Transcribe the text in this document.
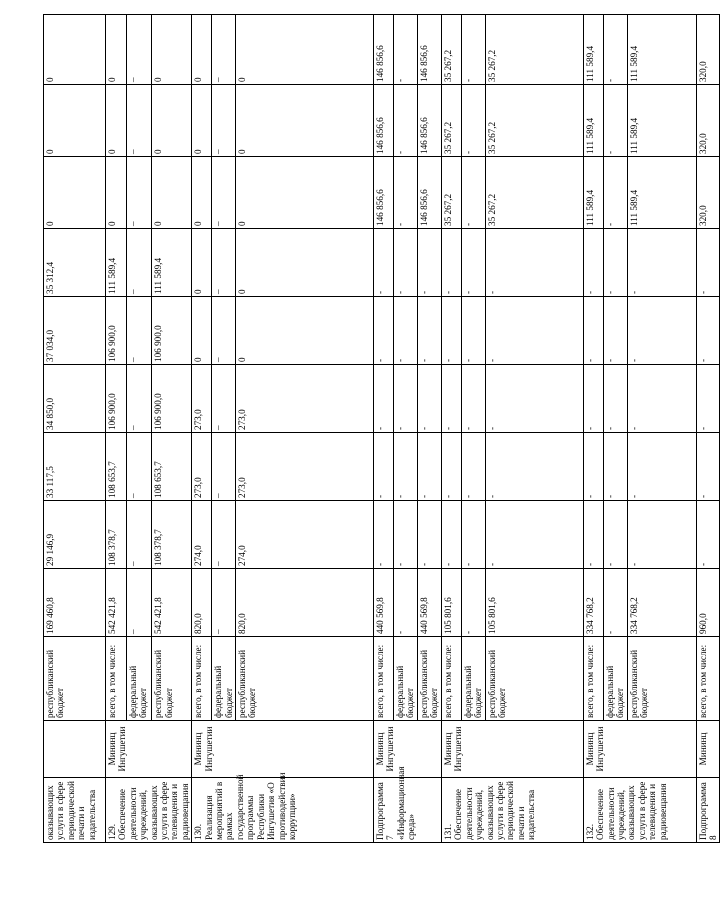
оказывающих услуги в сфере периодической печати и издательства		республиканский бюджет	169 460,8	29 146,9	33 117,5	34 850,0	37 034,0	35 312,4	0	0	0
129. Обеспечение деятельности учреждений, оказывающих услуги в сфере телевидения и радиовещания	Мининц Ингушетии	всего, в том числе:	542 421,8	108 378,7	108 653,7	106 900,0	106 900,0	111 589,4	0	0	0
		федеральный бюджет	–	–	–	–	–	–	–	–	–
		республиканский бюджет	542 421,8	108 378,7	108 653,7	106 900,0	106 900,0	111 589,4	0	0	0
130. Реализация мероприятий в рамках государственной программы Республики Ингушетия «О противодействии коррупции»	Мининц Ингушетии	всего, в том числе:	820,0	274,0	273,0	273,0	0	0	0	0	0
		федеральный бюджет	–	–	–	–	–	–	–	–	–
		республиканский бюджет	820,0	274,0	273,0	273,0	0	0	0	0	0
Подпрограмма 7 «Информационная среда»	Мининц Ингушетии	всего, в том числе:	440 569,8	-	-	-	-	-	146 856,6	146 856,6	146 856,6
		федеральный бюджет	-	-	-	-	-	-	-	-	-
		республиканский бюджет	440 569,8	-	-	-	-	-	146 856,6	146 856,6	146 856,6
131. Обеспечение деятельности учреждений, оказывающих услуги в сфере периодической печати и издательства	Мининц Ингушетии	всего, в том числе:	105 801,6	-	-	-	-	-	35 267,2	35 267,2	35 267,2
		федеральный бюджет	-	-	-	-	-	-	-	-	-
		республиканский бюджет	105 801,6	-	-	-	-	-	35 267,2	35 267,2	35 267,2
132. Обеспечение деятельности учреждений, оказывающих услуги в сфере телевидения и радиовещания	Мининц Ингушетии	всего, в том числе:	334 768,2	-	-	-	-	-	111 589,4	111 589,4	111 589,4
		федеральный бюджет	-	-	-	-	-	-	-	-	-
		республиканский бюджет	334 768,2	-	-	-	-	-	111 589,4	111 589,4	111 589,4
Подпрограмма 8	Мининц	всего, в том числе:	960,0	-	-	-	-	-	320,0	320,0	320,0
